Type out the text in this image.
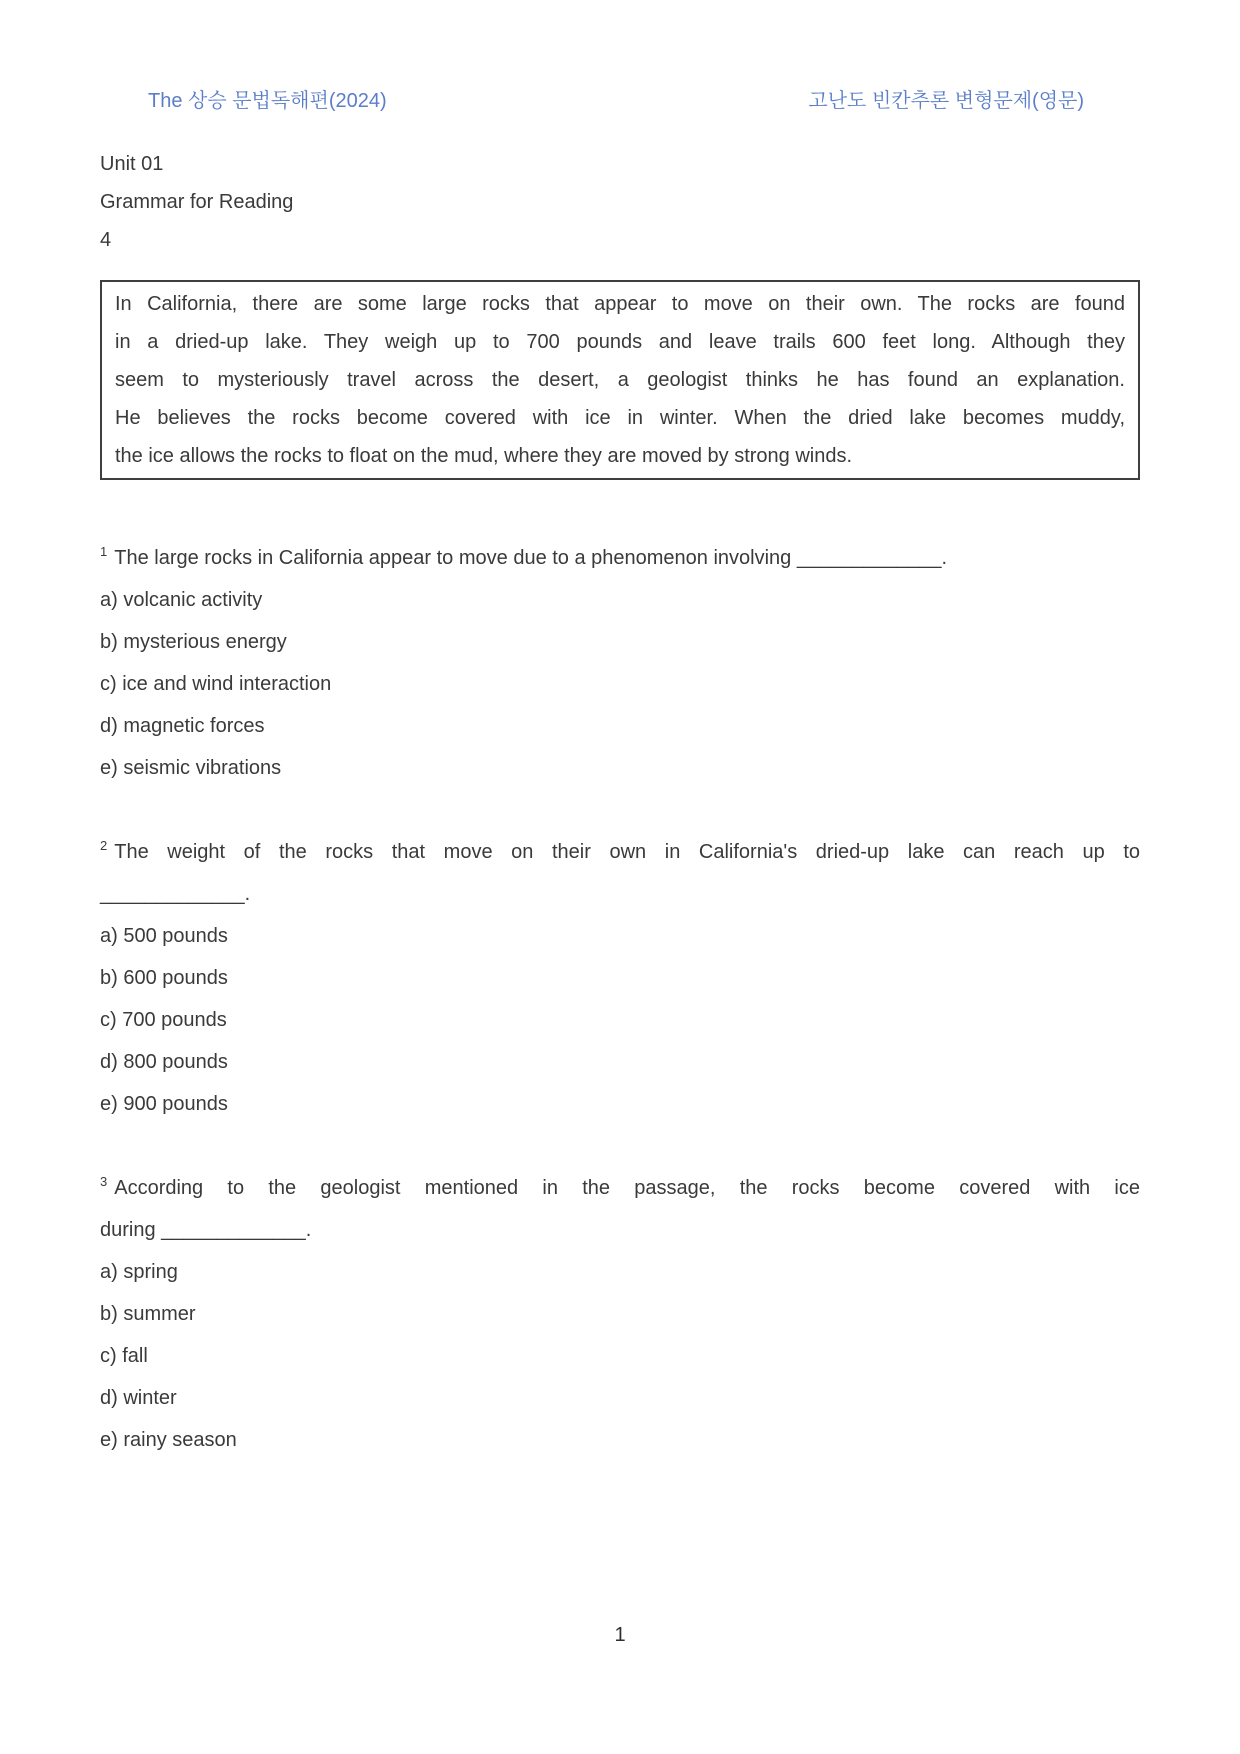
The 상승 문법독해편(2024)	고난도 빈칸추론 변형문제(영문)
Unit 01
Grammar for Reading
4
In California, there are some large rocks that appear to move on their own. The rocks are found
in a dried-up lake. They weigh up to 700 pounds and leave trails 600 feet long. Although they
seem to mysteriously travel across the desert, a geologist thinks he has found an explanation.
He believes the rocks become covered with ice in winter. When the dried lake becomes muddy,
the ice allows the rocks to float on the mud, where they are moved by strong winds.
$^1$ The large rocks in California appear to move due to a phenomenon involving _____________.
a) volcanic activity
b) mysterious energy
c) ice and wind interaction
d) magnetic forces
e) seismic vibrations
$^2$ The weight of the rocks that move on their own in California's dried-up lake can reach up to
_____________.
a) 500 pounds
b) 600 pounds
c) 700 pounds
d) 800 pounds
e) 900 pounds
$^3$ According to the geologist mentioned in the passage, the rocks become covered with ice
during _____________.
a) spring
b) summer
c) fall
d) winter
e) rainy season
1
